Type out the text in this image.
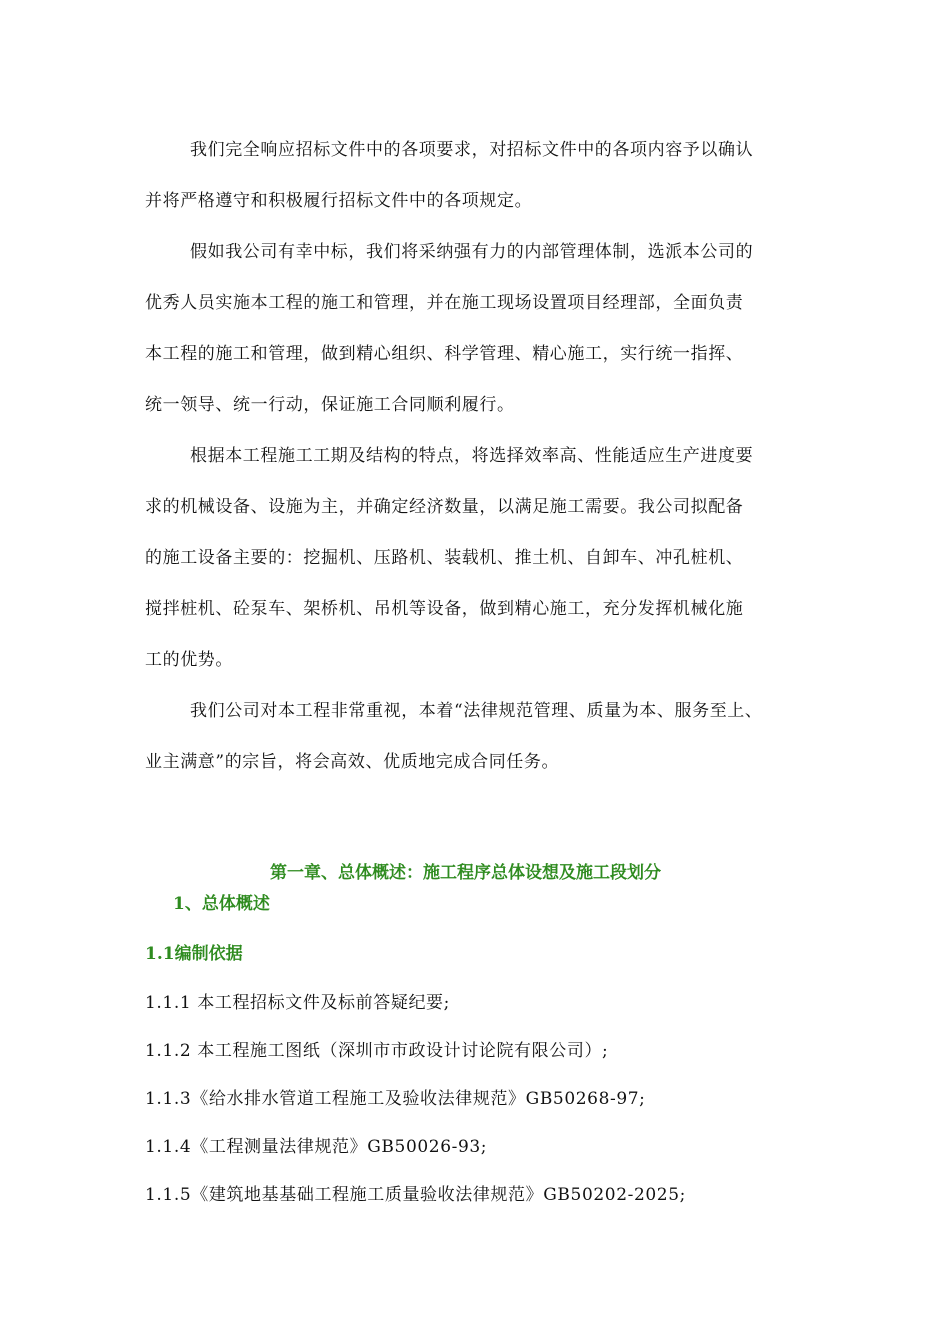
我们完全响应招标文件中的各项要求，对招标文件中的各项内容予以确认
并将严格遵守和积极履行招标文件中的各项规定。
假如我公司有幸中标，我们将采纳强有力的内部管理体制，选派本公司的
优秀人员实施本工程的施工和管理，并在施工现场设置项目经理部，全面负责
本工程的施工和管理，做到精心组织、科学管理、精心施工，实行统一指挥、
统一领导、统一行动，保证施工合同顺利履行。
根据本工程施工工期及结构的特点，将选择效率高、性能适应生产进度要
求的机械设备、设施为主，并确定经济数量，以满足施工需要。我公司拟配备
的施工设备主要的：挖掘机、压路机、装载机、推土机、自卸车、冲孔桩机、
搅拌桩机、砼泵车、架桥机、吊机等设备，做到精心施工，充分发挥机械化施
工的优势。
我们公司对本工程非常重视，本着“法律规范管理、质量为本、服务至上、
业主满意”的宗旨，将会高效、优质地完成合同任务。
第一章、总体概述：施工程序总体设想及施工段划分
1、总体概述
1.1编制依据
1.1.1 本工程招标文件及标前答疑纪要;
1.1.2 本工程施工图纸（深圳市市政设计讨论院有限公司）;
1.1.3《给水排水管道工程施工及验收法律规范》GB50268-97;
1.1.4《工程测量法律规范》GB50026-93;
1.1.5《建筑地基基础工程施工质量验收法律规范》GB50202-2025;
